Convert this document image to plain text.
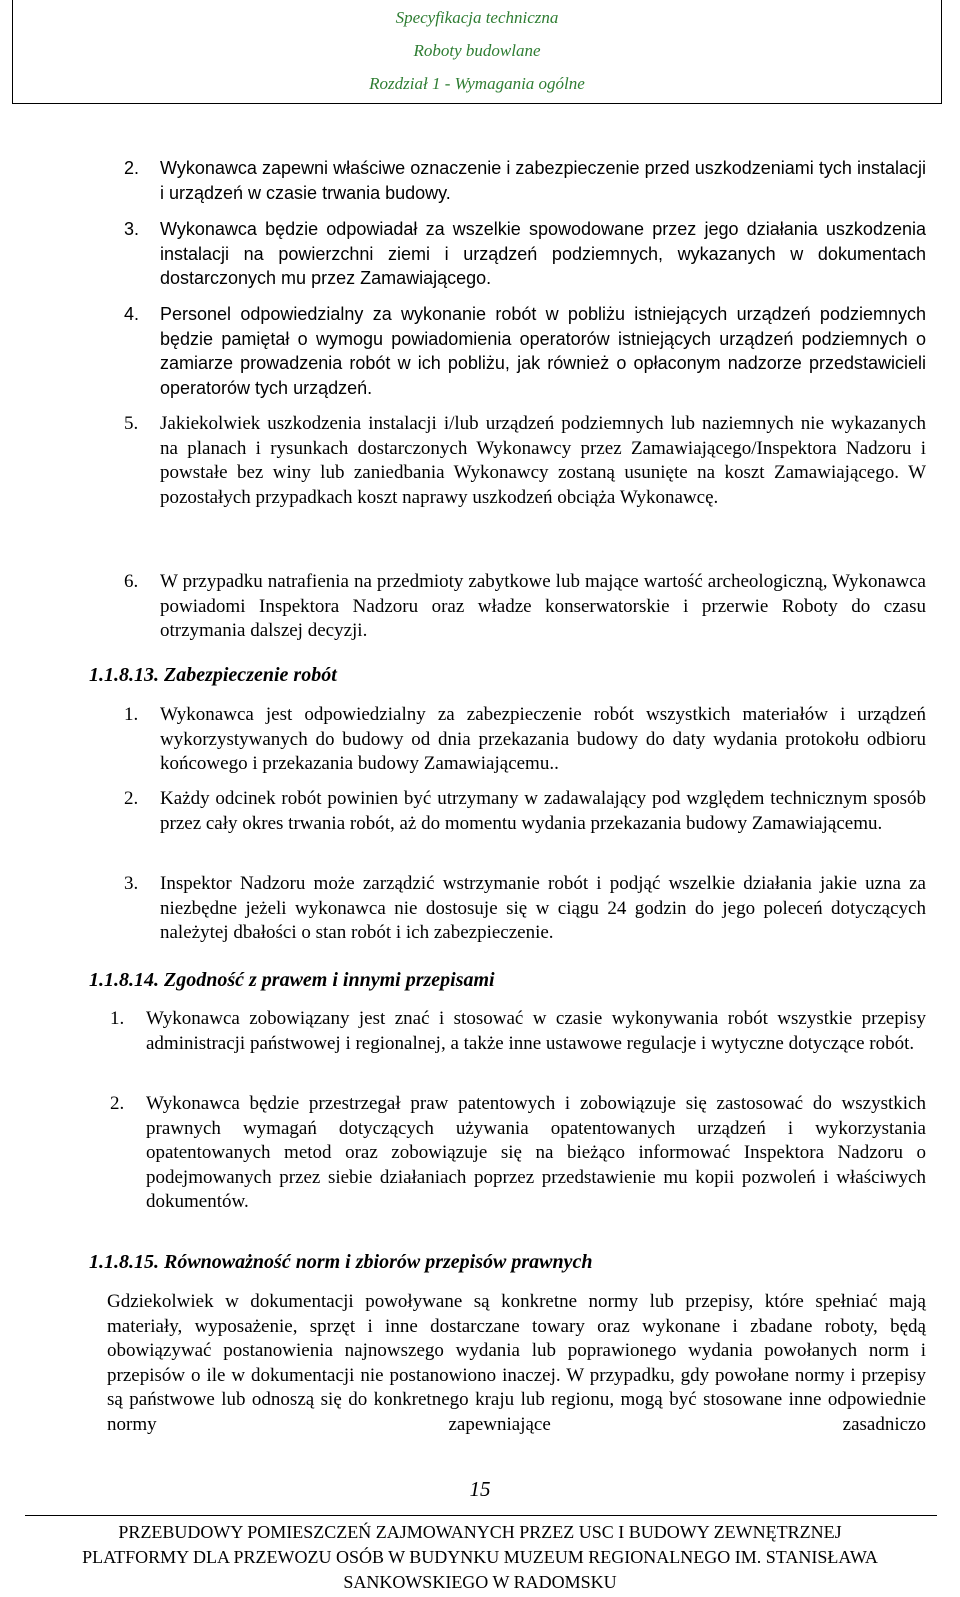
Specyfikacja techniczna
Roboty budowlane
Rozdział 1 - Wymagania ogólne
2. Wykonawca zapewni właściwe oznaczenie i zabezpieczenie przed uszkodzeniami tych instalacji i urządzeń w czasie trwania budowy.
3. Wykonawca będzie odpowiadał za wszelkie spowodowane przez jego działania uszkodzenia instalacji na powierzchni ziemi i urządzeń podziemnych, wykazanych w dokumentach dostarczonych mu przez Zamawiającego.
4. Personel odpowiedzialny za wykonanie robót w pobliżu istniejących urządzeń podziemnych będzie pamiętał o wymogu powiadomienia operatorów istniejących urządzeń podziemnych o zamiarze prowadzenia robót w ich pobliżu, jak również o opłaconym nadzorze przedstawicieli operatorów tych urządzeń.
5. Jakiekolwiek uszkodzenia instalacji i/lub urządzeń podziemnych lub naziemnych nie wykazanych na planach i rysunkach dostarczonych Wykonawcy przez Zamawiającego/Inspektora Nadzoru i powstałe bez winy lub zaniedbania Wykonawcy zostaną usunięte na koszt Zamawiającego. W pozostałych przypadkach koszt naprawy uszkodzeń obciąża Wykonawcę.
6. W przypadku natrafienia na przedmioty zabytkowe lub mające wartość archeologiczną, Wykonawca powiadomi Inspektora Nadzoru oraz władze konserwatorskie i przerwie Roboty do czasu otrzymania dalszej decyzji.
1.1.8.13. Zabezpieczenie robót
1. Wykonawca jest odpowiedzialny za zabezpieczenie robót wszystkich materiałów i urządzeń wykorzystywanych do budowy od dnia przekazania budowy do daty wydania protokołu odbioru końcowego i przekazania budowy Zamawiającemu..
2. Każdy odcinek robót powinien być utrzymany w zadawalający pod względem technicznym sposób przez cały okres trwania robót, aż do momentu wydania przekazania budowy Zamawiającemu.
3. Inspektor Nadzoru może zarządzić wstrzymanie robót i podjąć wszelkie działania jakie uzna za niezbędne jeżeli wykonawca nie dostosuje się w ciągu 24 godzin do jego poleceń dotyczących należytej dbałości o stan robót i ich zabezpieczenie.
1.1.8.14. Zgodność z prawem i innymi przepisami
1. Wykonawca zobowiązany jest znać i stosować w czasie wykonywania robót wszystkie przepisy administracji państwowej i regionalnej, a także inne ustawowe regulacje i wytyczne dotyczące robót.
2. Wykonawca będzie przestrzegał praw patentowych i zobowiązuje się zastosować do wszystkich prawnych wymagań dotyczących używania opatentowanych urządzeń i wykorzystania opatentowanych metod oraz zobowiązuje się na bieżąco informować Inspektora Nadzoru o podejmowanych przez siebie działaniach poprzez przedstawienie mu kopii pozwoleń i właściwych dokumentów.
1.1.8.15. Równoważność norm i zbiorów przepisów prawnych
Gdziekolwiek w dokumentacji powoływane są konkretne normy lub przepisy, które spełniać mają materiały, wyposażenie, sprzęt i inne dostarczane towary oraz wykonane i zbadane roboty, będą obowiązywać postanowienia najnowszego wydania lub poprawionego wydania powołanych norm i przepisów o ile w dokumentacji nie postanowiono inaczej. W przypadku, gdy powołane normy i przepisy są państwowe lub odnoszą się do konkretnego kraju lub regionu, mogą być stosowane inne odpowiednie normy zapewniające zasadniczo
15
PRZEBUDOWY POMIESZCZEŃ ZAJMOWANYCH PRZEZ USC I BUDOWY ZEWNĘTRZNEJ
PLATFORMY DLA PRZEWOZU OSÓB W BUDYNKU MUZEUM REGIONALNEGO IM. STANISŁAWA
SANKOWSKIEGO W RADOMSKU
